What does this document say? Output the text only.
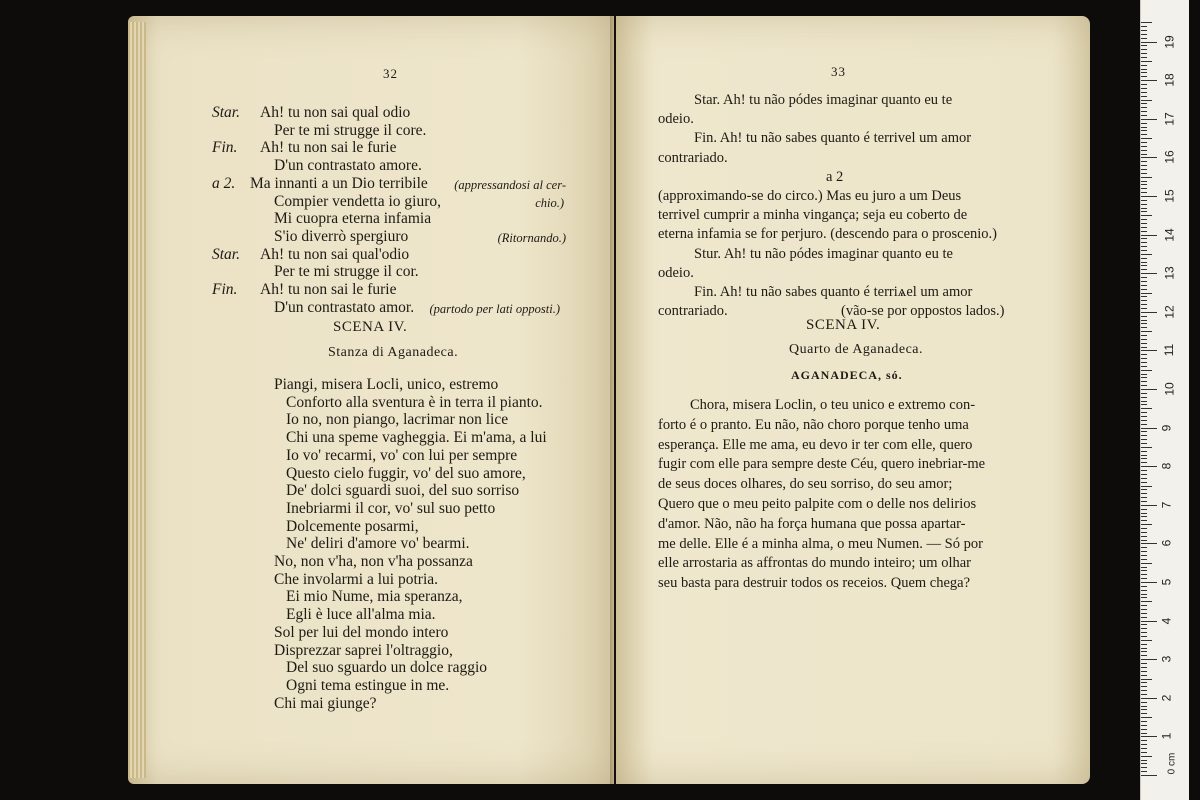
32
Star. Ah! tu non sai qual odio
Per te mi strugge il core.
Fin. Ah! tu non sai le furie
D'un contrastato amore.
a 2. Ma innanti a un Dio terribile (appressandosi al cer-
Compier vendetta io giuro,	chio.)
Mi cuopra eterna infamia
S'io diverrò spergiuro	(Ritornando.)
Star. Ah! tu non sai qual'odio
Per te mi strugge il cor.
Fin. Ah! tu non sai le furie
D'un contrastato amor. (partodo per lati opposti.)
SCENA IV.
Stanza di Aganadeca.
Piangi, misera Locli, unico, estremo
Conforto alla sventura è in terra il pianto.
Io no, non piango, lacrimar non lice
Chi una speme vagheggia. Ei m'ama, a lui
Io vo' recarmi, vo' con lui per sempre
Questo cielo fuggir, vo' del suo amore,
De' dolci sguardi suoi, del suo sorriso
Inebriarmi il cor, vo' sul suo petto
Dolcemente posarmi,
Ne' deliri d'amore vo' bearmi.
No, non v'ha, non v'ha possanza
Che involarmi a lui potria.
Ei mio Nume, mia speranza,
Egli è luce all'alma mia.
Sol per lui del mondo intero
Disprezzar saprei l'oltraggio,
Del suo sguardo un dolce raggio
Ogni tema estingue in me.
Chi mai giunge?
33
Star. Ah! tu não pódes imaginar quanto eu te
odeio.
Fin. Ah! tu não sabes quanto é terrivel um amor
contrariado.
a 2
(approximando-se do circo.) Mas eu juro a um Deus
terrivel cumprir a minha vingança; seja eu coberto de
eterna infamia se for perjuro. (descendo para o proscenio.)
Stur. Ah! tu não pódes imaginar quanto eu te
odeio.
Fin. Ah! tu não sabes quanto é terriѧel um amor
contrariado.	(vão-se por oppostos lados.)
SCENA IV.
Quarto de Aganadeca.
AGANADECA, só.
Chora, misera Loclin, o teu unico e extremo con-
forto é o pranto. Eu não, não choro porque tenho uma
esperança. Elle me ama, eu devo ir ter com elle, quero
fugir com elle para sempre deste Céu, quero inebriar-me
de seus doces olhares, do seu sorriso, do seu amor;
Quero que o meu peito palpite com o delle nos delirios
d'amor. Não, não ha força humana que possa apartar-
me delle. Elle é a minha alma, o meu Numen. — Só por
elle arrostaria as affrontas do mundo inteiro; um olhar
seu basta para destruir todos os receios. Quem chega?
1
2
3
4
5
6
7
8
9
10
11
12
13
14
15
16
17
18
19
0 cm
